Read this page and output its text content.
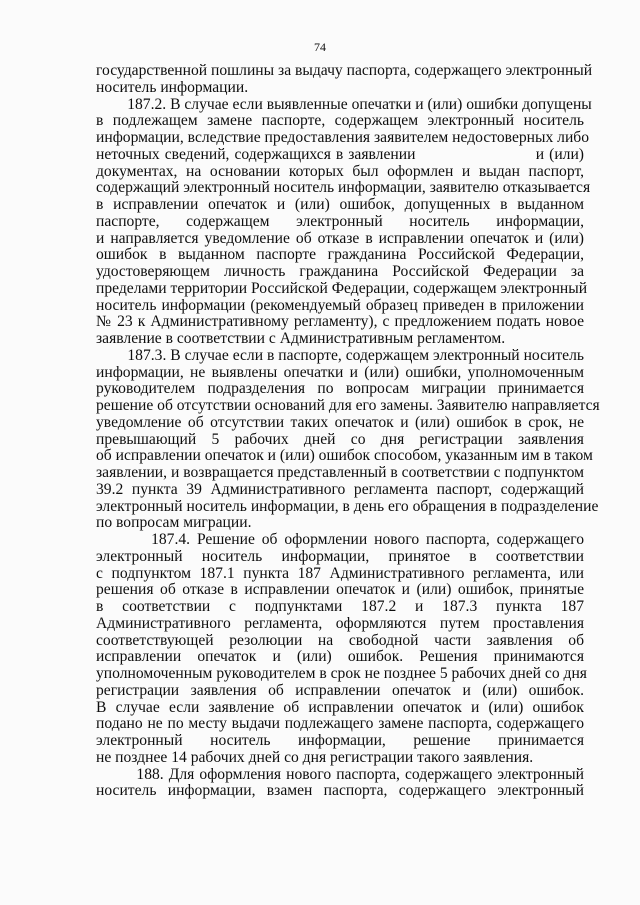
74
государственной пошлины за выдачу паспорта, содержащего электронный
носитель информации.
187.2. В случае если выявленные опечатки и (или) ошибки допущены
в подлежащем замене паспорте, содержащем электронный носитель
информации, вследствие предоставления заявителем недостоверных либо
неточных сведений, содержащихся в заявлении                        и (или)
документах, на основании которых был оформлен и выдан паспорт,
содержащий электронный носитель информации, заявителю отказывается
в исправлении опечаток и (или) ошибок, допущенных в выданном
паспорте, содержащем электронный носитель информации,
и направляется уведомление об отказе в исправлении опечаток и (или)
ошибок в выданном паспорте гражданина Российской Федерации,
удостоверяющем личность гражданина Российской Федерации за
пределами территории Российской Федерации, содержащем электронный
носитель информации (рекомендуемый образец приведен в приложении
№ 23 к Административному регламенту), с предложением подать новое
заявление в соответствии с Административным регламентом.
187.3. В случае если в паспорте, содержащем электронный носитель
информации, не выявлены опечатки и (или) ошибки, уполномоченным
руководителем подразделения по вопросам миграции принимается
решение об отсутствии оснований для его замены. Заявителю направляется
уведомление об отсутствии таких опечаток и (или) ошибок в срок, не
превышающий 5 рабочих дней со дня регистрации заявления
об исправлении опечаток и (или) ошибок способом, указанным им в таком
заявлении, и возвращается представленный в соответствии с подпунктом
39.2 пункта 39 Административного регламента паспорт, содержащий
электронный носитель информации, в день его обращения в подразделение
по вопросам миграции.
187.4. Решение об оформлении нового паспорта, содержащего
электронный носитель информации, принятое в соответствии
с подпунктом 187.1 пункта 187 Административного регламента, или
решения об отказе в исправлении опечаток и (или) ошибок, принятые
в соответствии с подпунктами 187.2 и 187.3 пункта 187
Административного регламента, оформляются путем проставления
соответствующей резолюции на свободной части заявления об
исправлении опечаток и (или) ошибок. Решения принимаются
уполномоченным руководителем в срок не позднее 5 рабочих дней со дня
регистрации заявления об исправлении опечаток и (или) ошибок.
В случае если заявление об исправлении опечаток и (или) ошибок
подано не по месту выдачи подлежащего замене паспорта, содержащего
электронный носитель информации, решение принимается
не позднее 14 рабочих дней со дня регистрации такого заявления.
188. Для оформления нового паспорта, содержащего электронный
носитель информации, взамен паспорта, содержащего электронный
